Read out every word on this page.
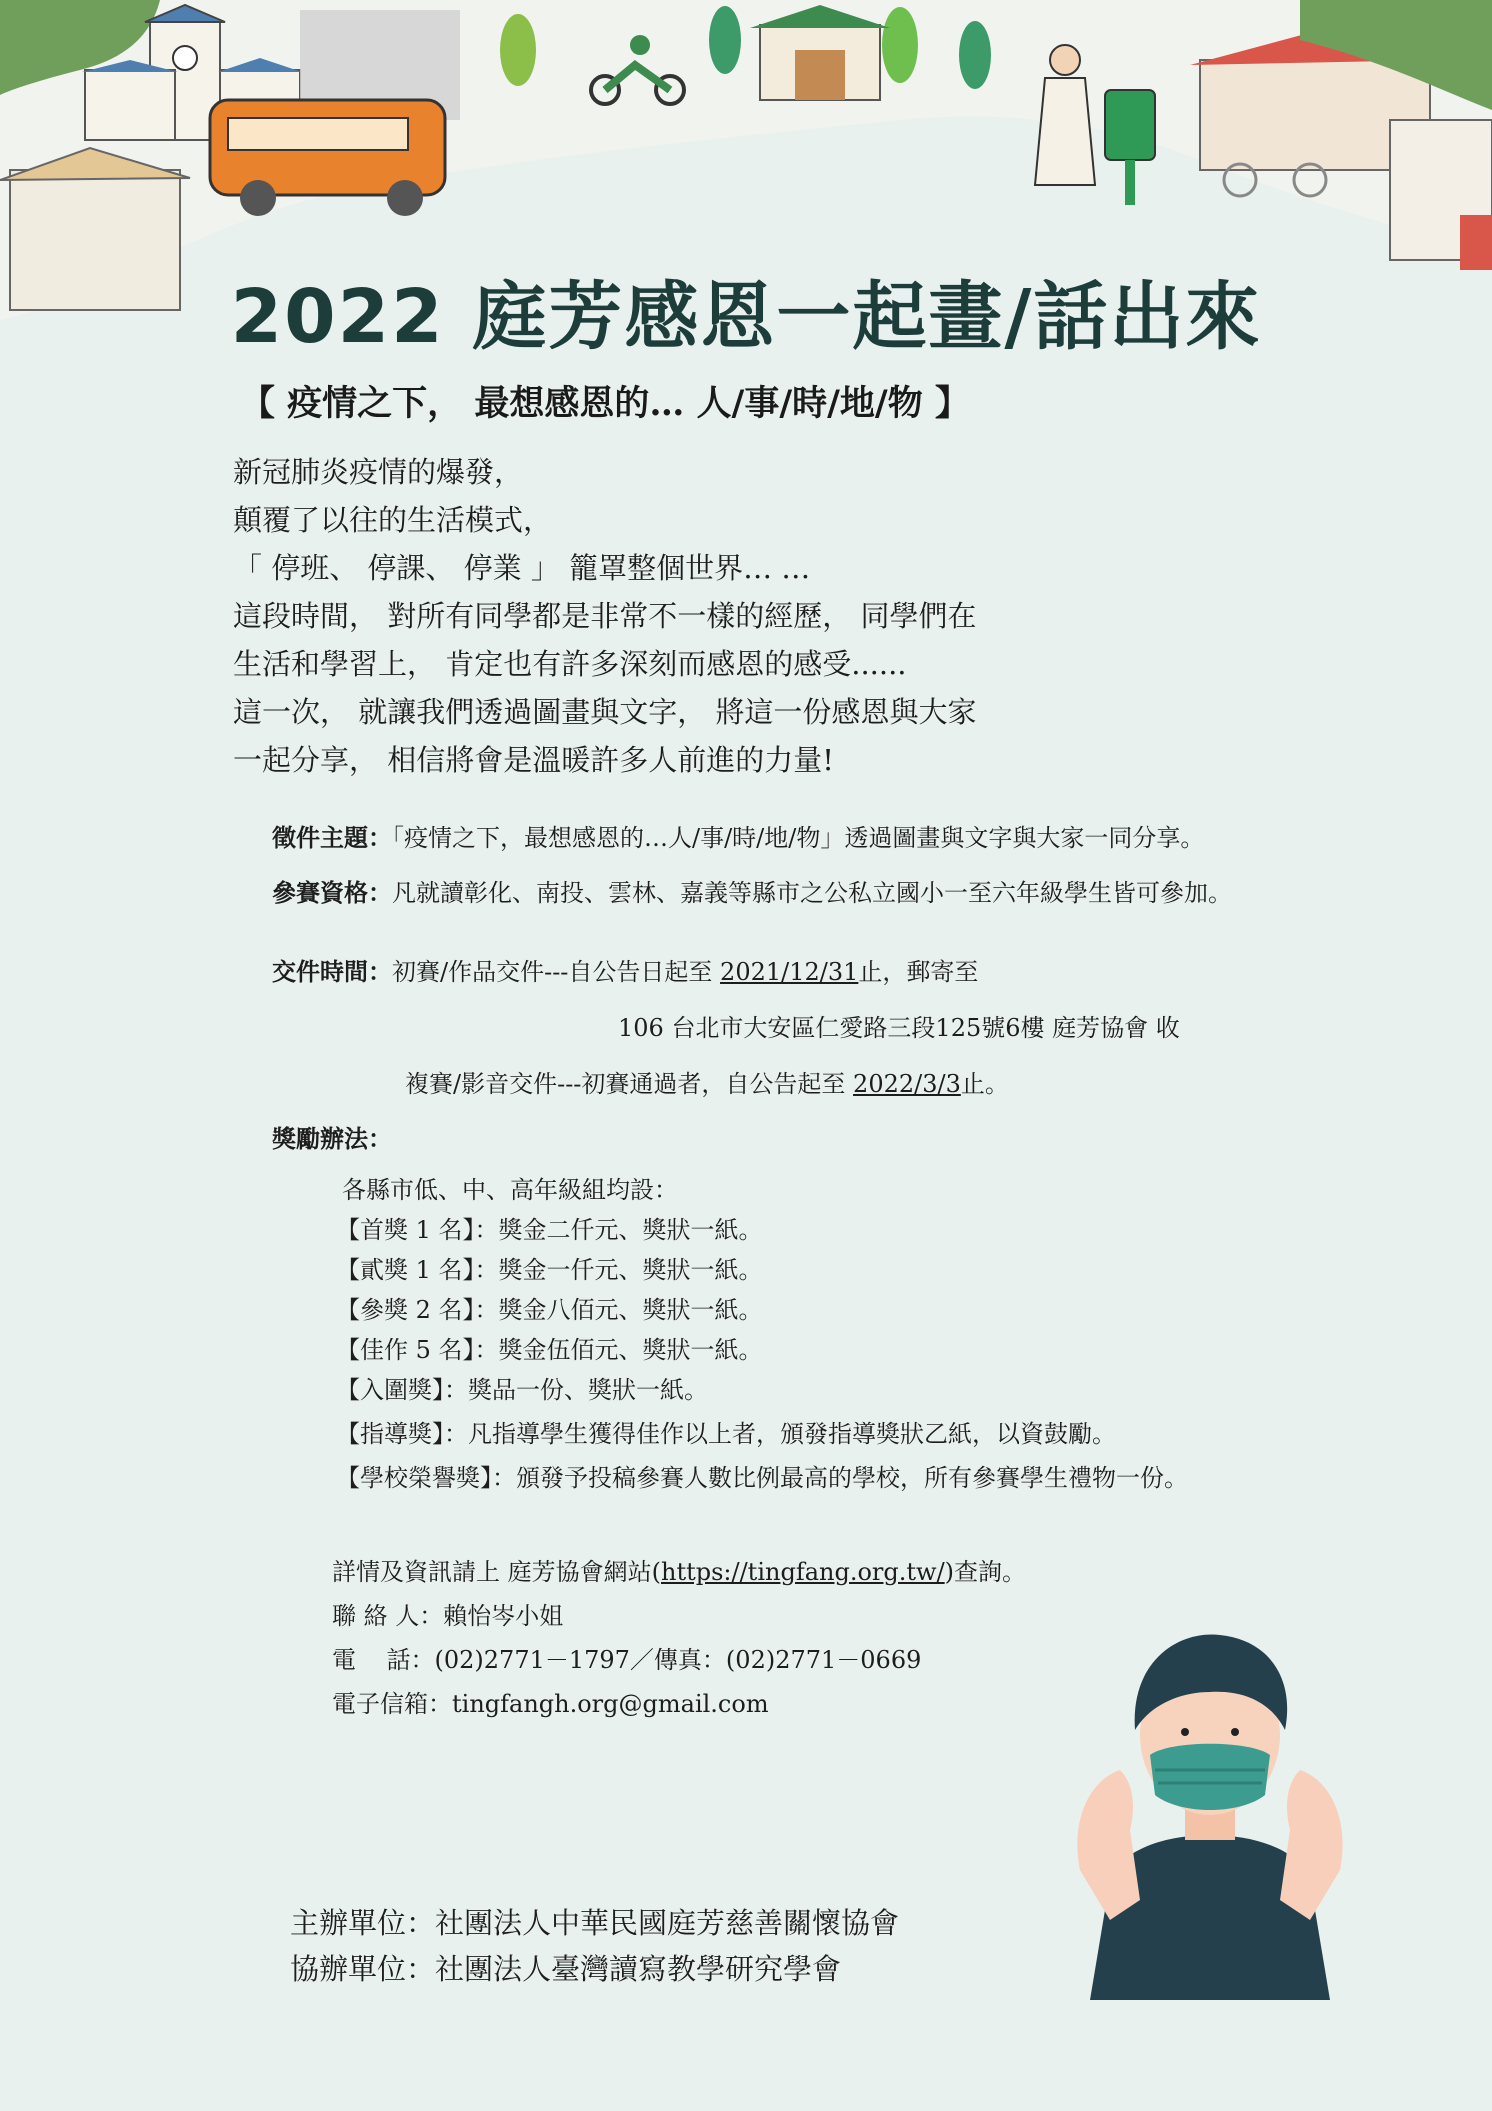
2022 庭芳感恩一起畫/話出來
【 疫情之下， 最想感恩的… 人/事/時/地/物 】
新冠肺炎疫情的爆發，
顛覆了以往的生活模式，
「 停班、 停課、 停業 」 籠罩整個世界… …
這段時間， 對所有同學都是非常不一樣的經歷， 同學們在
生活和學習上， 肯定也有許多深刻而感恩的感受......
這一次， 就讓我們透過圖畫與文字， 將這一份感恩與大家
一起分享， 相信將會是溫暖許多人前進的力量!
徵件主題：「疫情之下，最想感恩的…人/事/時/地/物」透過圖畫與文字與大家一同分享。
參賽資格：凡就讀彰化、南投、雲林、嘉義等縣市之公私立國小一至六年級學生皆可參加。
交件時間：初賽/作品交件---自公告日起至 2021/12/31止，郵寄至
106 台北市大安區仁愛路三段125號6樓 庭芳協會 收
複賽/影音交件---初賽通過者，自公告起至 2022/3/3止。
獎勵辦法：
各縣市低、中、高年級組均設：
【首獎 1 名】：獎金二仟元、獎狀一紙。
【貳獎 1 名】：獎金一仟元、獎狀一紙。
【參獎 2 名】：獎金八佰元、獎狀一紙。
【佳作 5 名】：獎金伍佰元、獎狀一紙。
【入圍獎】：獎品一份、獎狀一紙。
【指導獎】：凡指導學生獲得佳作以上者，頒發指導獎狀乙紙，以資鼓勵。
【學校榮譽獎】：頒發予投稿參賽人數比例最高的學校，所有參賽學生禮物一份。
詳情及資訊請上 庭芳協會網站(https://tingfang.org.tw/)查詢。
聯 絡 人：賴怡岑小姐
電    話：(02)2771－1797／傳真：(02)2771－0669
電子信箱：tingfangh.org@gmail.com
主辦單位：社團法人中華民國庭芳慈善關懷協會
協辦單位：社團法人臺灣讀寫教學研究學會
